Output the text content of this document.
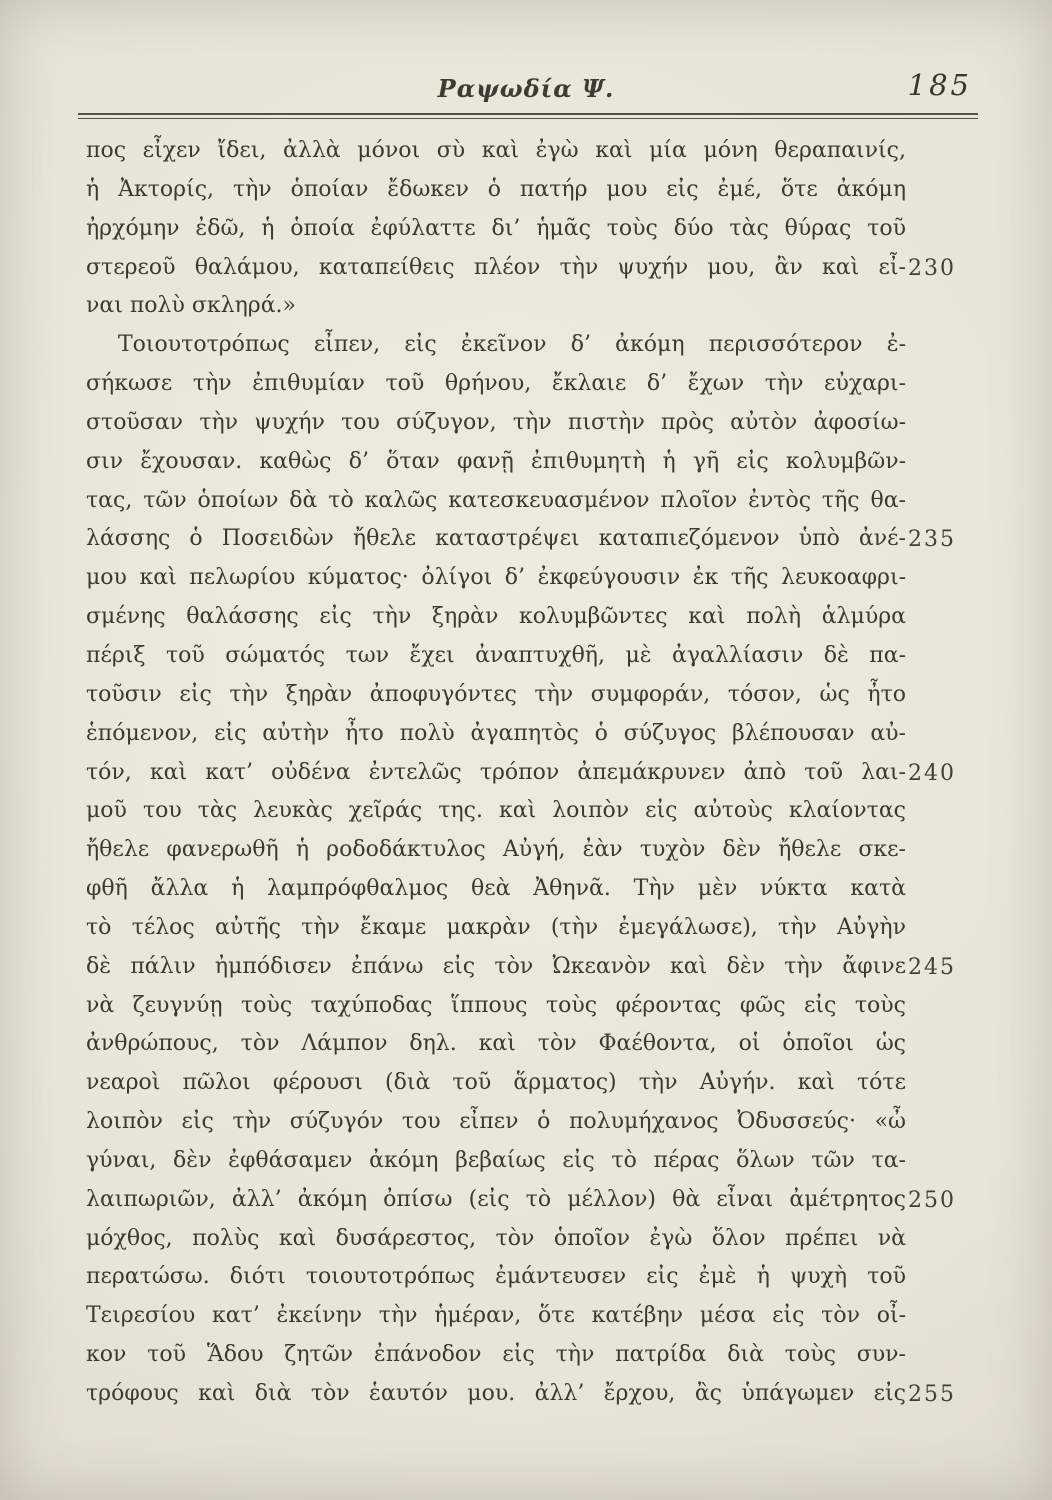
Ραψωδία Ψ.	185
πος εἶχεν ἴδει, ἀλλὰ μόνοι σὺ καὶ ἐγὼ καὶ μία μόνη θεραπαινίς,
ἡ Ἀκτορίς, τὴν ὁποίαν ἔδωκεν ὁ πατήρ μου εἰς ἐμέ, ὅτε ἀκόμη
ἠρχόμην ἐδῶ, ἡ ὁποία ἐφύλαττε δι’ ἡμᾶς τοὺς δύο τὰς θύρας τοῦ
στερεοῦ θαλάμου, καταπείθεις πλέον τὴν ψυχήν μου, ἂν καὶ εἶ- 230
ναι πολὺ σκληρά.»
Τοιουτοτρόπως εἶπεν, εἰς ἐκεῖνον δ’ ἀκόμη περισσότερον ἐ-
σήκωσε τὴν ἐπιθυμίαν τοῦ θρήνου, ἔκλαιε δ’ ἔχων τὴν εὐχαρι-
στοῦσαν τὴν ψυχήν του σύζυγον, τὴν πιστὴν πρὸς αὐτὸν ἀφοσίω-
σιν ἔχουσαν. καθὼς δ’ ὅταν φανῇ ἐπιθυμητὴ ἡ γῆ εἰς κολυμβῶν-
τας, τῶν ὁποίων δὰ τὸ καλῶς κατεσκευασμένον πλοῖον ἐντὸς τῆς θα-
λάσσης ὁ Ποσειδὼν ἤθελε καταστρέψει καταπιεζόμενον ὑπὸ ἀνέ- 235
μου καὶ πελωρίου κύματος· ὀλίγοι δ’ ἐκφεύγουσιν ἐκ τῆς λευκοαφρι-
σμένης θαλάσσης εἰς τὴν ξηρὰν κολυμβῶντες καὶ πολὴ ἁλμύρα
πέριξ τοῦ σώματός των ἔχει ἀναπτυχθῆ, μὲ ἀγαλλίασιν δὲ πα-
τοῦσιν εἰς τὴν ξηρὰν ἀποφυγόντες τὴν συμφοράν, τόσον, ὡς ἦτο
ἑπόμενον, εἰς αὐτὴν ἦτο πολὺ ἀγαπητὸς ὁ σύζυγος βλέπουσαν αὐ-
τόν, καὶ κατ’ οὐδένα ἐντελῶς τρόπον ἀπεμάκρυνεν ἀπὸ τοῦ λαι- 240
μοῦ του τὰς λευκὰς χεῖράς της. καὶ λοιπὸν εἰς αὐτοὺς κλαίοντας
ἤθελε φανερωθῆ ἡ ροδοδάκτυλος Αὐγή, ἐὰν τυχὸν δὲν ἤθελε σκε-
φθῆ ἄλλα ἡ λαμπρόφθαλμος θεὰ Ἀθηνᾶ. Τὴν μὲν νύκτα κατὰ
τὸ τέλος αὐτῆς τὴν ἔκαμε μακρὰν (τὴν ἐμεγάλωσε), τὴν Αὐγὴν
δὲ πάλιν ἠμπόδισεν ἐπάνω εἰς τὸν Ὠκεανὸν καὶ δὲν τὴν ἄφινε 245
νὰ ζευγνύῃ τοὺς ταχύποδας ἵππους τοὺς φέροντας φῶς εἰς τοὺς
ἀνθρώπους, τὸν Λάμπον δηλ. καὶ τὸν Φαέθοντα, οἱ ὁποῖοι ὡς
νεαροὶ πῶλοι φέρουσι (διὰ τοῦ ἅρματος) τὴν Αὐγήν. καὶ τότε
λοιπὸν εἰς τὴν σύζυγόν του εἶπεν ὁ πολυμήχανος Ὀδυσσεύς· «ὦ
γύναι, δὲν ἐφθάσαμεν ἀκόμη βεβαίως εἰς τὸ πέρας ὅλων τῶν τα-
λαιπωριῶν, ἀλλ’ ἀκόμη ὀπίσω (εἰς τὸ μέλλον) θὰ εἶναι ἀμέτρητος 250
μόχθος, πολὺς καὶ δυσάρεστος, τὸν ὁποῖον ἐγὼ ὅλον πρέπει νὰ
περατώσω. διότι τοιουτοτρόπως ἐμάντευσεν εἰς ἐμὲ ἡ ψυχὴ τοῦ
Τειρεσίου κατ’ ἐκείνην τὴν ἡμέραν, ὅτε κατέβην μέσα εἰς τὸν οἶ-
κον τοῦ Ἅδου ζητῶν ἐπάνοδον εἰς τὴν πατρίδα διὰ τοὺς συν-
τρόφους καὶ διὰ τὸν ἑαυτόν μου. ἀλλ’ ἔρχου, ἂς ὑπάγωμεν εἰς 255
